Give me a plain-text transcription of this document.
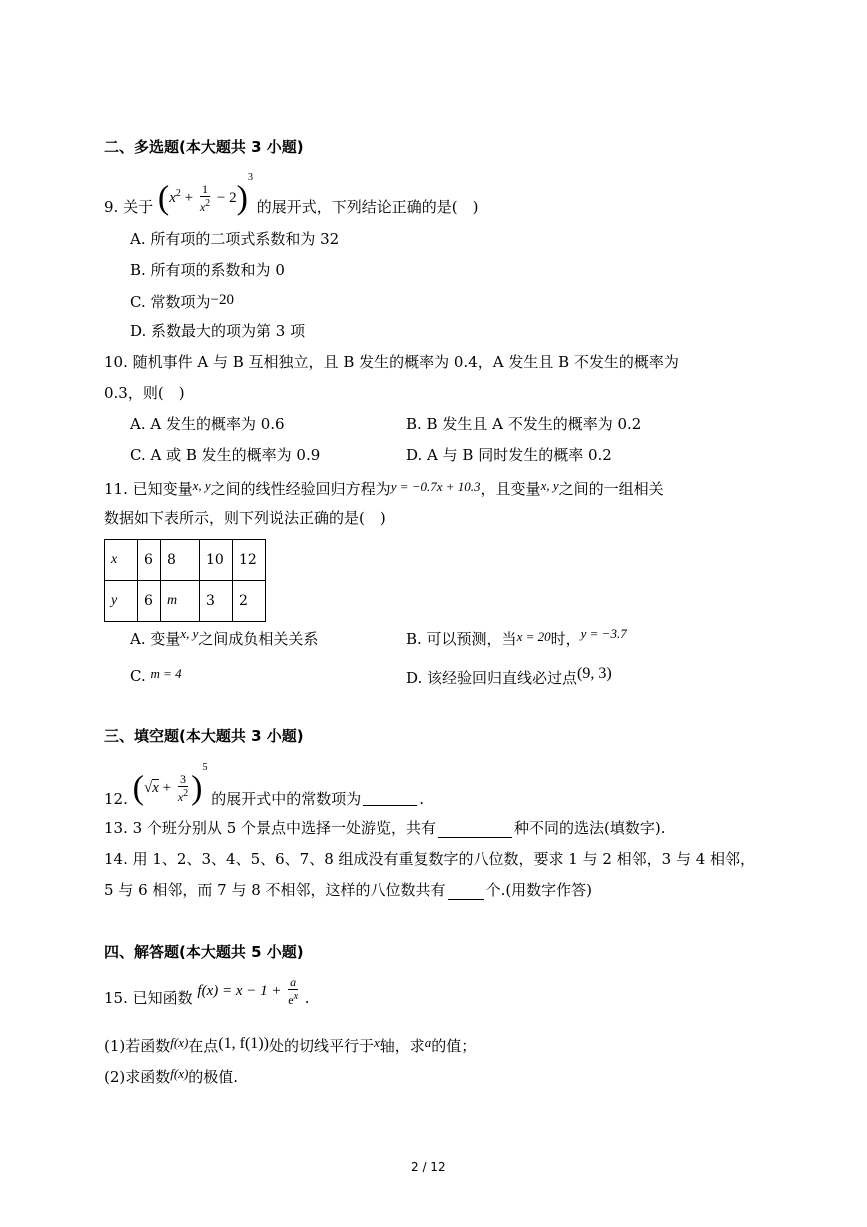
二、多选题(本大题共 3 小题)
9. 关于 $(x^2 + \frac{1}{x^2} - 2)^3$ 的展开式，下列结论正确的是(　)
A. 所有项的二项式系数和为 32
B. 所有项的系数和为 0
C. 常数项为−20
D. 系数最大的项为第 3 项
10. 随机事件 A 与 B 互相独立，且 B 发生的概率为 0.4，A 发生且 B 不发生的概率为
0.3，则(　)
A. A 发生的概率为 0.6	B. B 发生且 A 不发生的概率为 0.2
C. A 或 B 发生的概率为 0.9	D. A 与 B 同时发生的概率 0.2
11. 已知变量x, y之间的线性经验回归方程为y = −0.7x + 10.3，且变量x, y之间的一组相关
数据如下表所示，则下列说法正确的是(　)
x	6	8	10	12
y	6	m	3	2
A. 变量x, y之间成负相关关系	B. 可以预测，当x = 20时，y = −3.7
C. m = 4	D. 该经验回归直线必过点(9, 3)
三、填空题(本大题共 3 小题)
12. $(√x + \frac{3}{x^2} )^5$ 的展开式中的常数项为	.
13. 3 个班分别从 5 个景点中选择一处游览，共有	种不同的选法(填数字).
14. 用 1、2、3、4、5、6、7、8 组成没有重复数字的八位数，要求 1 与 2 相邻，3 与 4 相邻，
5 与 6 相邻，而 7 与 8 不相邻，这样的八位数共有	个.(用数字作答)
四、解答题(本大题共 5 小题)
15. 已知函数 $f(x) = x - 1 + \frac{a}{e^x}$ .
(1)若函数f(x)在点(1, f(1))处的切线平行于x轴，求a的值；
(2)求函数f(x)的极值.
2 / 12
